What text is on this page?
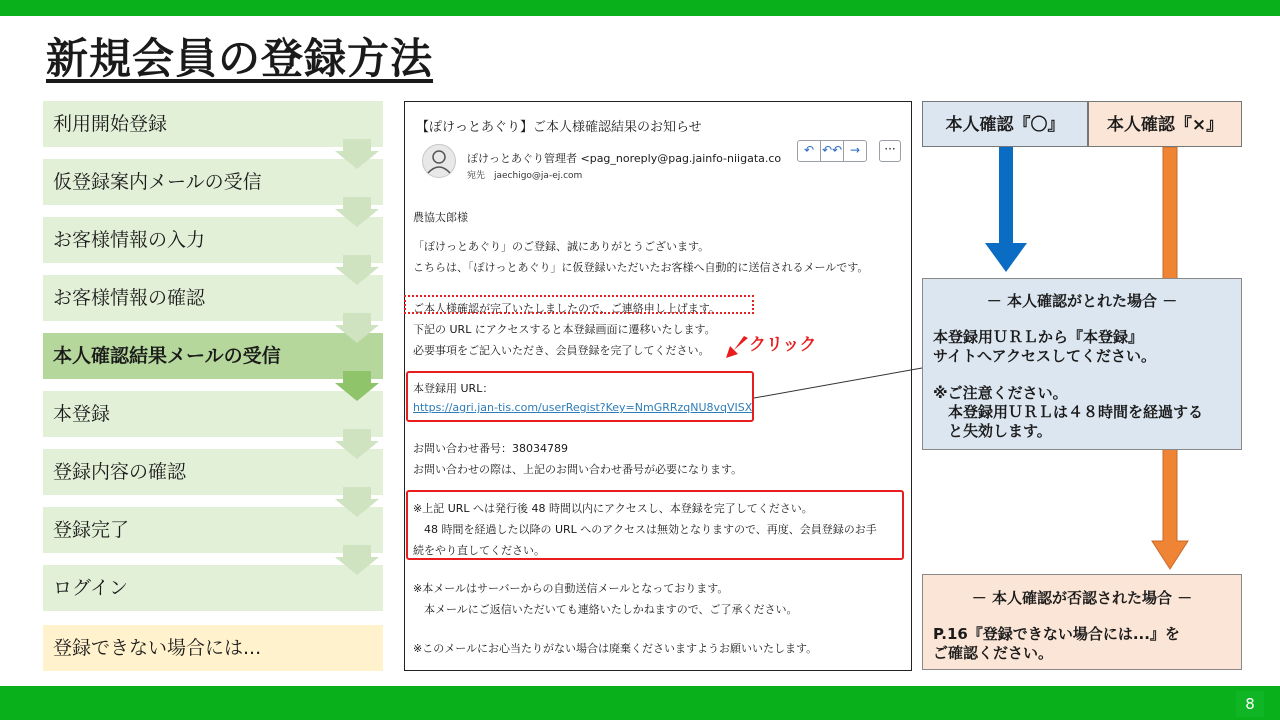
新規会員の登録方法
利用開始登録
仮登録案内メールの受信
お客様情報の入力
お客様情報の確認
本人確認結果メールの受信
本登録
登録内容の確認
登録完了
ログイン
登録できない場合には...
【ぽけっとあぐり】ご本人様確認結果のお知らせ
ぽけっとあぐり管理者 <pag_noreply@pag.jainfo-niigata.co
宛先　jaechigo@ja-ej.com
↶ ↶↶ →	···
農協太郎様
「ぽけっとあぐり」のご登録、誠にありがとうございます。
こちらは、「ぽけっとあぐり」に仮登録いただいたお客様へ自動的に送信されるメールです。
ご本人様確認が完了いたしましたので、ご連絡申し上げます。
下記の URL にアクセスすると本登録画面に遷移いたします。
必要事項をご記入いただき、会員登録を完了してください。
本登録用 URL：
https://agri.jan-tis.com/userRegist?Key=NmGRRzqNU8vqVISX
お問い合わせ番号：38034789
お問い合わせの際は、上記のお問い合わせ番号が必要になります。
※上記 URL へは発行後 48 時間以内にアクセスし、本登録を完了してください。
　48 時間を経過した以降の URL へのアクセスは無効となりますので、再度、会員登録のお手
続をやり直してください。
※本メールはサーバーからの自動送信メールとなっております。
　本メールにご返信いただいても連絡いたしかねますので、ご了承ください。
※このメールにお心当たりがない場合は廃棄くださいますようお願いいたします。
クリック
本人確認『〇』	本人確認『×』
－ 本人確認がとれた場合 －

本登録用ＵＲＬから『本登録』

サイトへアクセスしてください。

※ご注意ください。

　本登録用ＵＲＬは４８時間を経過する

　と失効します。

－ 本人確認が否認された場合 －

P.16『登録できない場合には...』を

ご確認ください。

8
